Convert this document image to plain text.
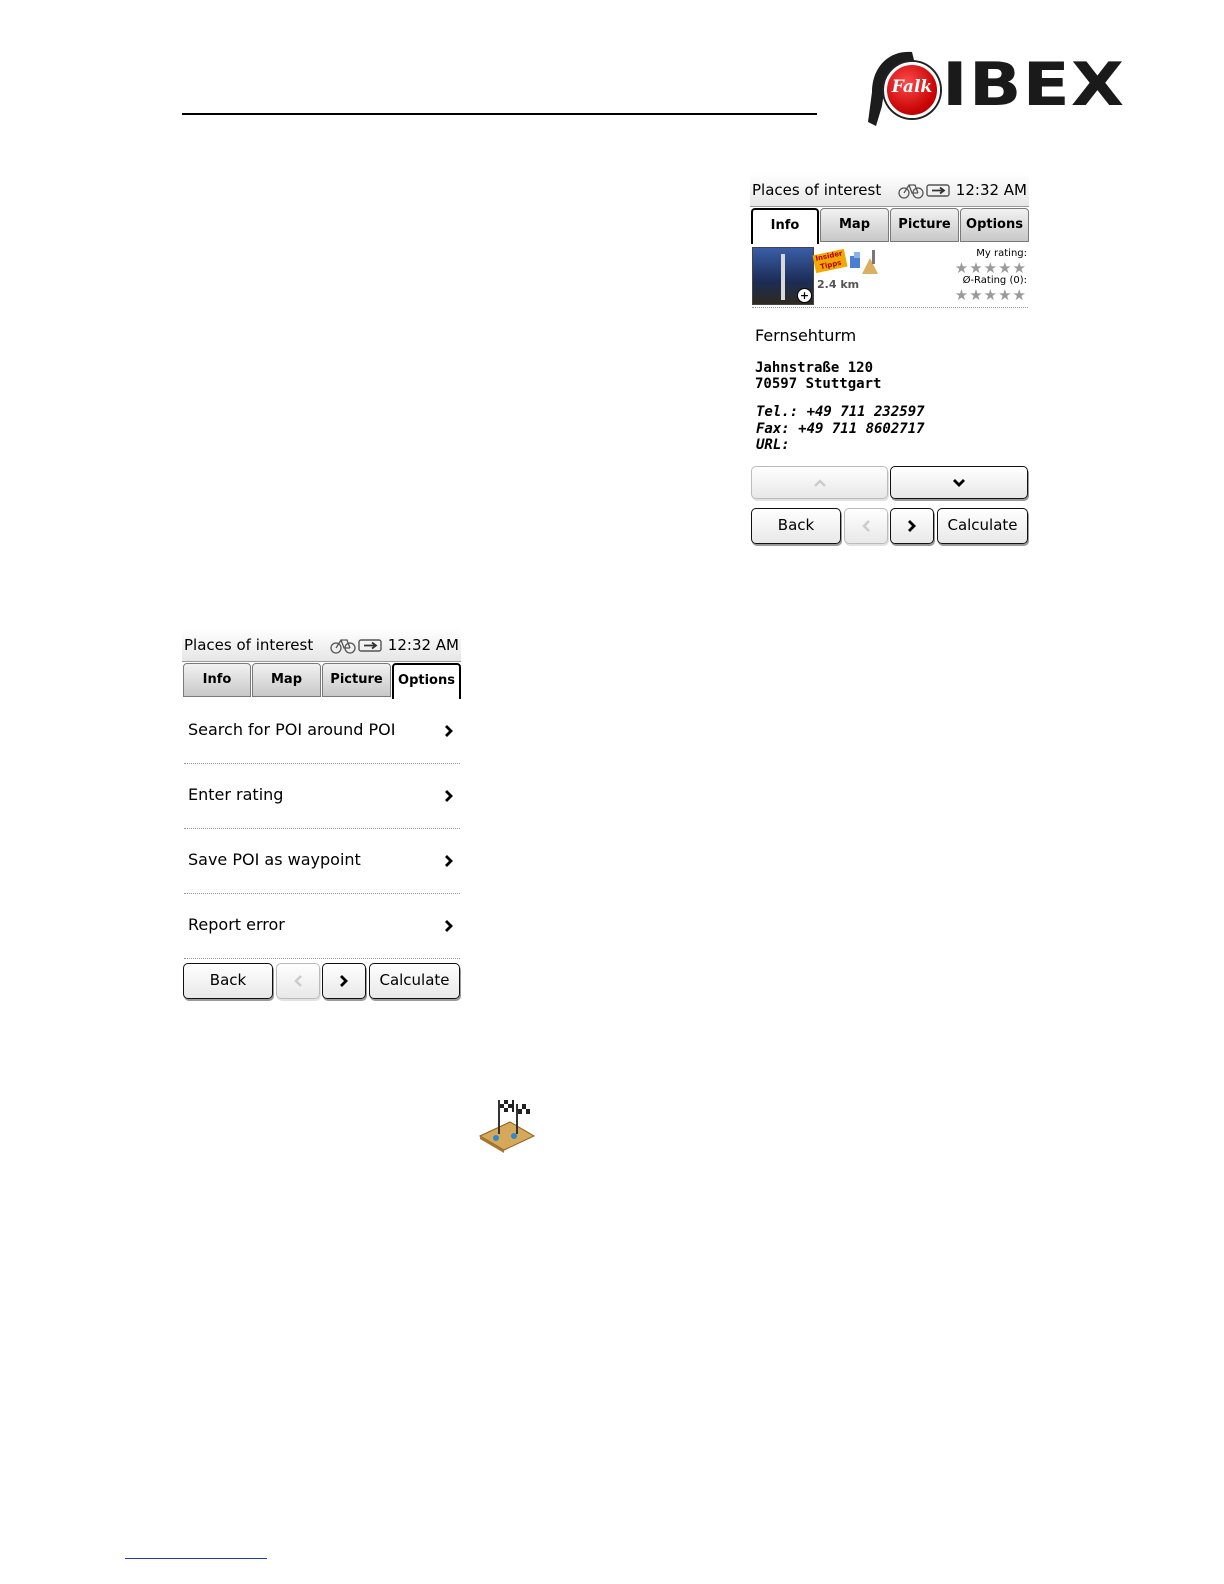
Falk IBEX
Places of interest	12:32 AM
Info	Map	Picture	Options
+
Insider Tipps
2.4 km
My rating:
★★★★★
Ø-Rating (0):
★★★★★
Fernsehturm
Jahnstraße 120
70597 Stuttgart
Tel.: +49 711 232597
Fax: +49 711 8602717
URL:
Back	Calculate
Places of interest	12:32 AM
Info	Map	Picture	Options
Search for POI around POI
Enter rating
Save POI as waypoint
Report error
Back	Calculate
